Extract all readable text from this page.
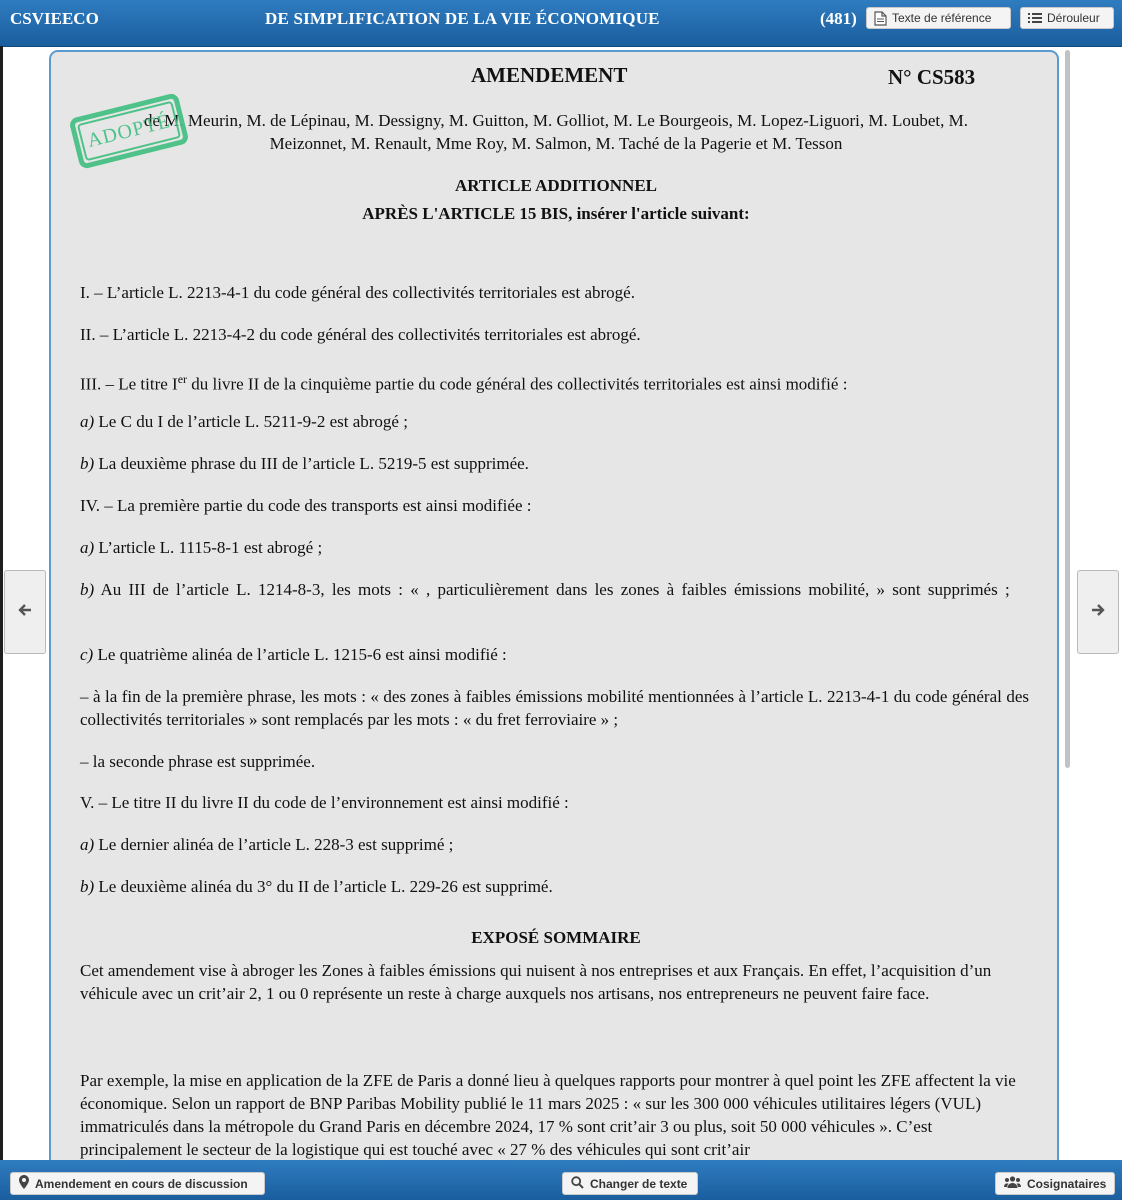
CSVIEECO	DE SIMPLIFICATION DE LA VIE ÉCONOMIQUE	(481)	Texte de référence	Dérouleur
AMENDEMENT	N° CS583
de M. Meurin, M. de Lépinau, M. Dessigny, M. Guitton, M. Golliot, M. Le Bourgeois, M. Lopez-Liguori, M. Loubet, M.
Meizonnet, M. Renault, Mme Roy, M. Salmon, M. Taché de la Pagerie et M. Tesson
ARTICLE ADDITIONNEL
APRÈS L'ARTICLE 15 BIS, insérer l'article suivant:
I. – L’article L. 2213-4-1 du code général des collectivités territoriales est abrogé.
II. – L’article L. 2213-4-2 du code général des collectivités territoriales est abrogé.
III. – Le titre Ier du livre II de la cinquième partie du code général des collectivités territoriales est ainsi modifié :
a) Le C du I de l’article L. 5211-9-2 est abrogé ;
b) La deuxième phrase du III de l’article L. 5219-5 est supprimée.
IV. – La première partie du code des transports est ainsi modifiée :
a) L’article L. 1115-8-1 est abrogé ;
b) Au III de l’article L. 1214-8-3, les mots : « , particulièrement dans les zones à faibles émissions mobilité, » sont supprimés ;
c) Le quatrième alinéa de l’article L. 1215-6 est ainsi modifié :
– à la fin de la première phrase, les mots : « des zones à faibles émissions mobilité mentionnées à l’article L. 2213-4-1 du code général des collectivités territoriales » sont remplacés par les mots : « du fret ferroviaire » ;
– la seconde phrase est supprimée.
V. – Le titre II du livre II du code de l’environnement est ainsi modifié :
a) Le dernier alinéa de l’article L. 228-3 est supprimé ;
b) Le deuxième alinéa du 3° du II de l’article L. 229-26 est supprimé.
EXPOSÉ SOMMAIRE
Cet amendement vise à abroger les Zones à faibles émissions qui nuisent à nos entreprises et aux Français. En effet, l’acquisition d’un véhicule avec un crit’air 2, 1 ou 0 représente un reste à charge auxquels nos artisans, nos entrepreneurs ne peuvent faire face.
Par exemple, la mise en application de la ZFE de Paris a donné lieu à quelques rapports pour montrer à quel point les ZFE affectent la vie économique. Selon un rapport de BNP Paribas Mobility publié le 11 mars 2025 : « sur les 300 000 véhicules utilitaires légers (VUL) immatriculés dans la métropole du Grand Paris en décembre 2024, 17 % sont crit’air 3 ou plus, soit 50 000 véhicules ». C’est principalement le secteur de la logistique qui est touché avec « 27 % des véhicules qui sont crit’air
ADOPTÉ
Amendement en cours de discussion	Changer de texte	Cosignataires
